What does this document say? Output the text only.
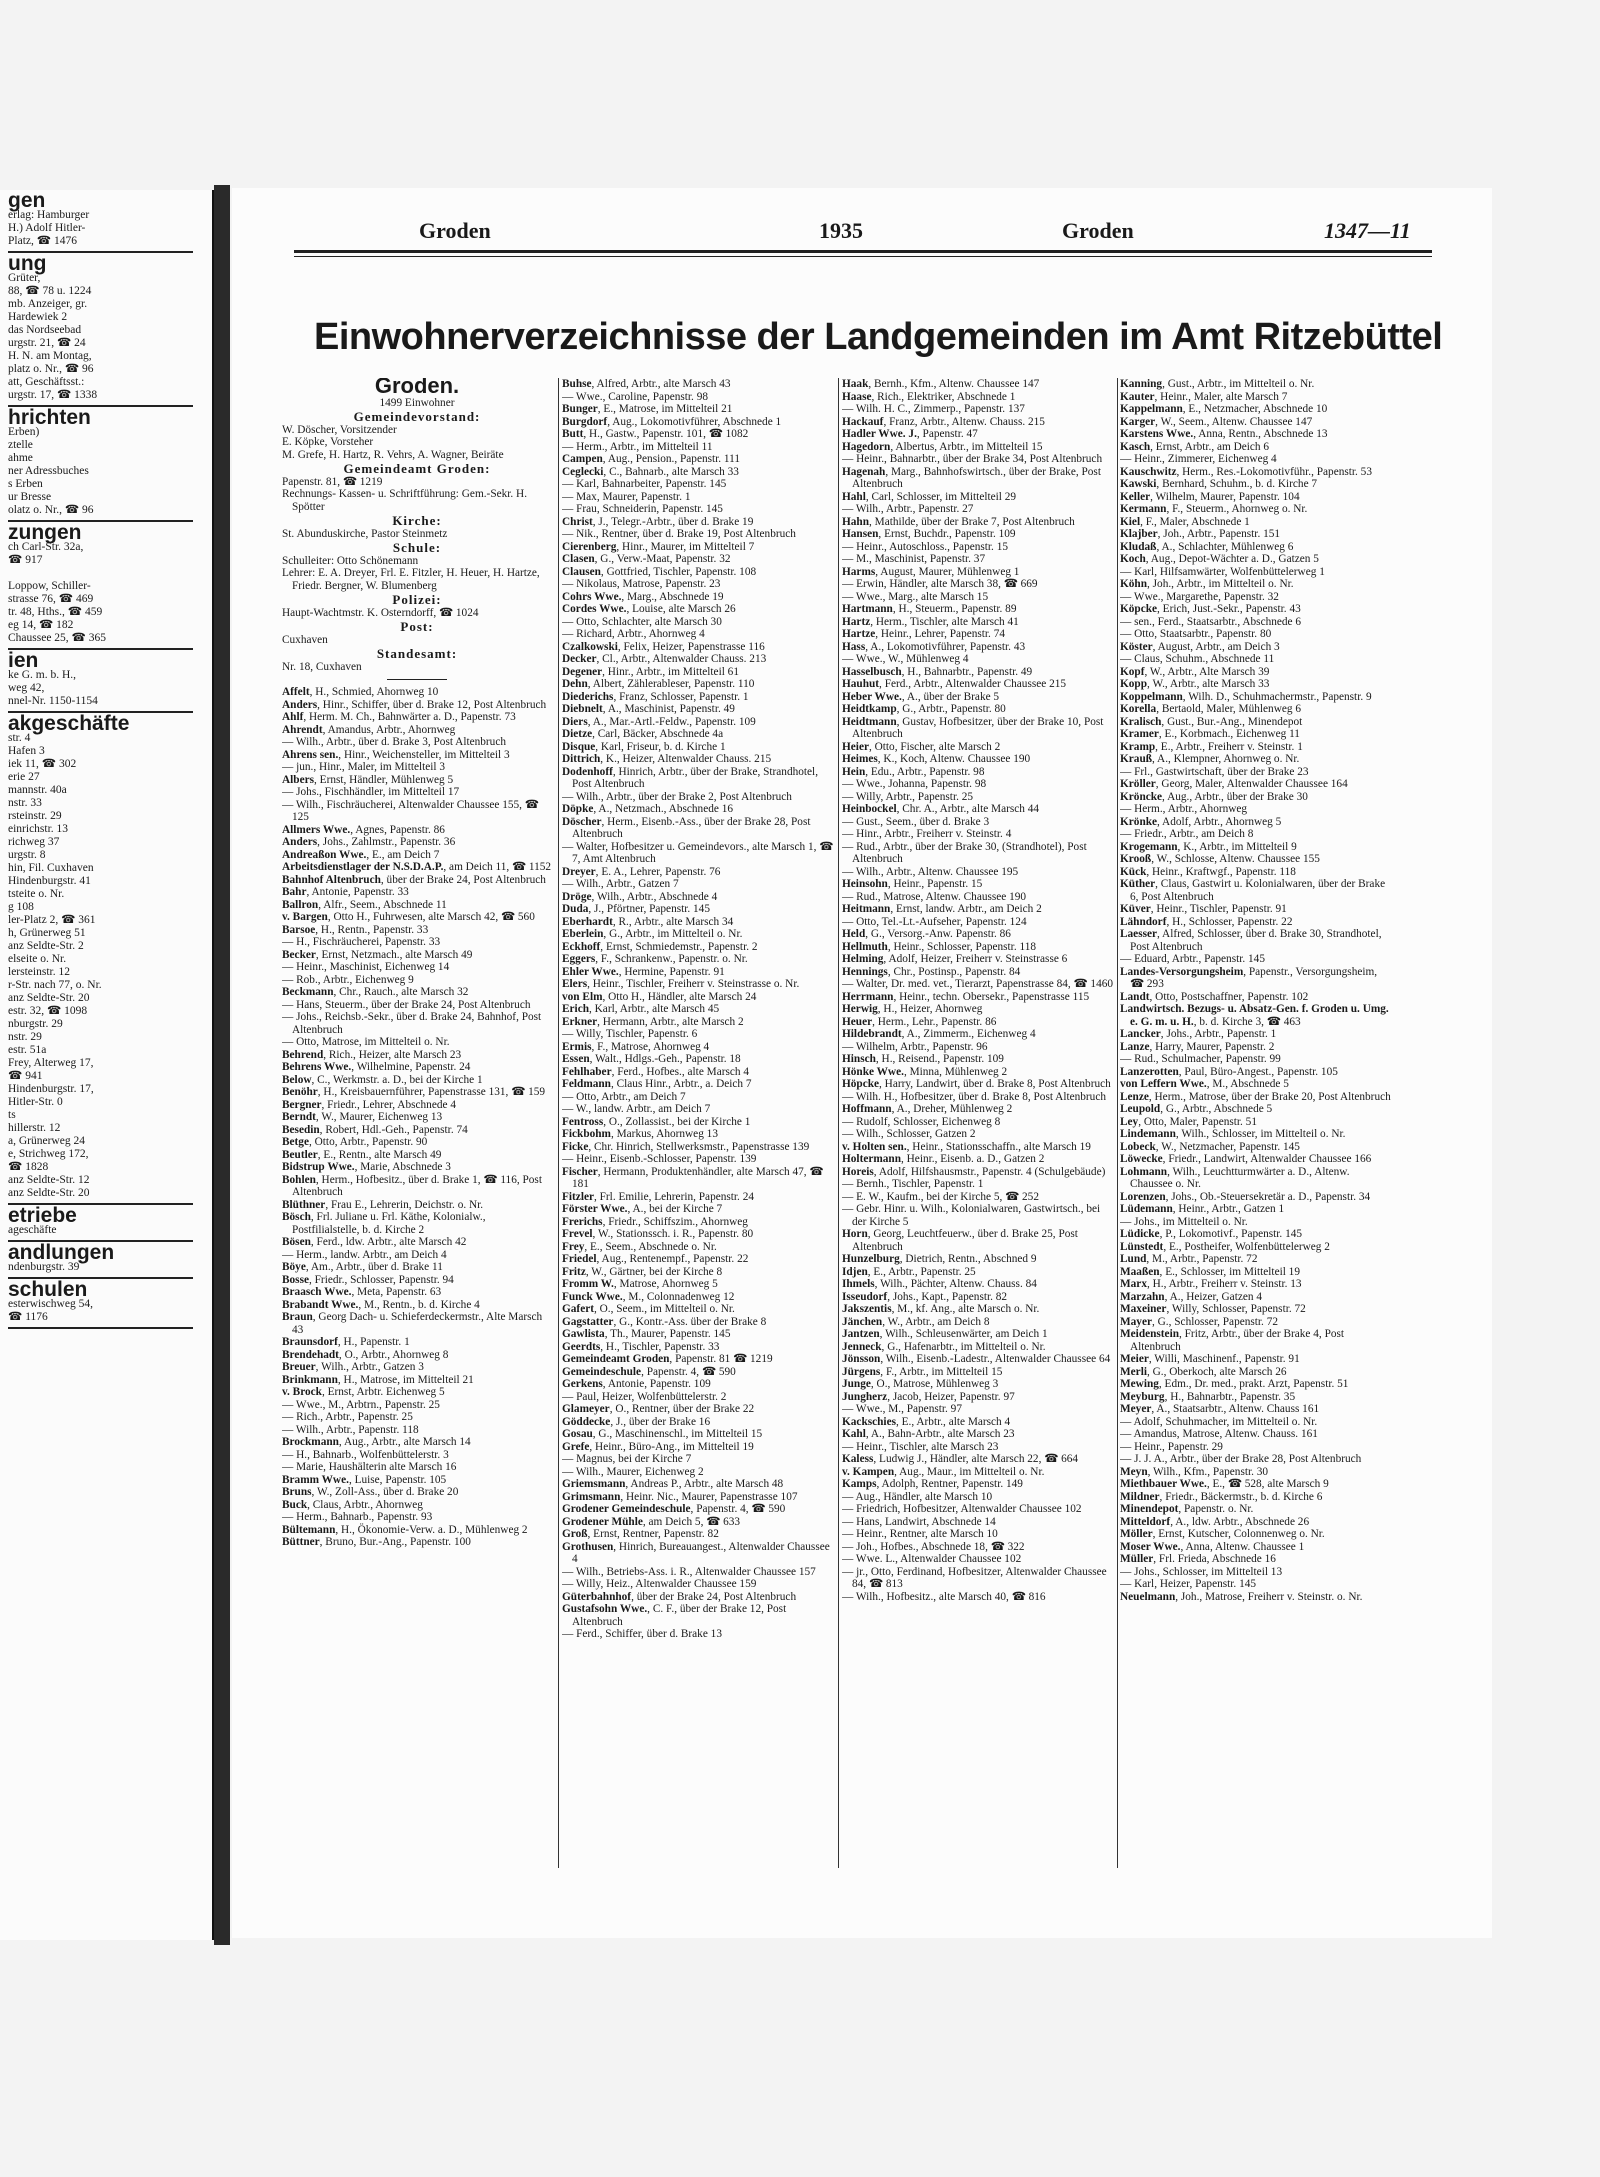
gen
erlag: Hamburger
H.) Adolf Hitler-
Platz, ☎ 1476
ung
Grüter,
88, ☎ 78 u. 1224
mb. Anzeiger, gr.
Hardewiek 2
das Nordseebad
urgstr. 21, ☎ 24
H. N. am Montag,
platz o. Nr., ☎ 96
att, Geschäftsst.:
urgstr. 17, ☎ 1338
hrichten
Erben)
ztelle
ahme
ner Adressbuches
s Erben
ur Bresse
olatz o. Nr., ☎ 96
zungen
ch Carl-Str. 32a,
☎ 917

Loppow, Schiller-
strasse 76, ☎ 469
tr. 48, Hths., ☎ 459
eg 14, ☎ 182
Chaussee 25, ☎ 365
ien
ke G. m. b. H.,
weg 42,
nnel-Nr. 1150-1154
akgeschäfte
str. 4
Hafen 3
iek 11, ☎ 302
erie 27
mannstr. 40a
nstr. 33
rsteinstr. 29
einrichstr. 13
richweg 37
urgstr. 8
hin, Fil. Cuxhaven
Hindenburgstr. 41
tsteite o. Nr.
g 108
ler-Platz 2, ☎ 361
h, Grünerweg 51
anz Seldte-Str. 2
elseite o. Nr.
lersteinstr. 12
r-Str. nach 77, o. Nr.
anz Seldte-Str. 20
estr. 32, ☎ 1098
nburgstr. 29
nstr. 29
estr. 51a
Frey, Alterweg 17,
☎ 941
Hindenburgstr. 17,
Hitler-Str. 0
ts
hillerstr. 12
a, Grünerweg 24
e, Strichweg 172,
☎ 1828
anz Seldte-Str. 12
anz Seldte-Str. 20
etriebe
ageschäfte
andlungen
ndenburgstr. 39
schulen
esterwischweg 54,
☎ 1176
Groden	1935	Groden	1347—11
Einwohnerverzeichnisse der Landgemeinden im Amt Ritzebüttel
Groden.
1499 Einwohner
Gemeindevorstand:
W. Döscher, Vorsitzender
E. Köpke, Vorsteher
M. Grefe, H. Hartz, R. Vehrs, A. Wagner, Beiräte
Gemeindeamt Groden:
Papenstr. 81, ☎ 1219
Rechnungs- Kassen- u. Schriftführung: Gem.-Sekr. H. Spötter
Kirche:
St. Abunduskirche, Pastor Steinmetz
Schule:
Schulleiter: Otto Schönemann
Lehrer: E. A. Dreyer, Frl. E. Fitzler, H. Heuer, H. Hartze, Friedr. Bergner, W. Blumenberg
Polizei:
Haupt-Wachtmstr. K. Osterndorff, ☎ 1024
Post:
Cuxhaven
Standesamt:
Nr. 18, Cuxhaven
Affelt, H., Schmied, Ahornweg 10
Anders, Hinr., Schiffer, über d. Brake 12, Post Altenbruch
Ahlf, Herm. M. Ch., Bahnwärter a. D., Papenstr. 73
Ahrendt, Amandus, Arbtr., Ahornweg
— Wilh., Arbtr., über d. Brake 3, Post Altenbruch
Ahrens sen., Hinr., Weichensteller, im Mittelteil 3
— jun., Hinr., Maler, im Mittelteil 3
Albers, Ernst, Händler, Mühlenweg 5
— Johs., Fischhändler, im Mittelteil 17
— Wilh., Fischräucherei, Altenwalder Chaussee 155, ☎ 125
Allmers Wwe., Agnes, Papenstr. 86
Anders, Johs., Zahlmstr., Papenstr. 36
Andreaßon Wwe., E., am Deich 7
Arbeitsdienstlager der N.S.D.A.P., am Deich 11, ☎ 1152
Bahnhof Altenbruch, über der Brake 24, Post Altenbruch
Bahr, Antonie, Papenstr. 33
Ballron, Alfr., Seem., Abschnede 11
v. Bargen, Otto H., Fuhrwesen, alte Marsch 42, ☎ 560
Barsoe, H., Rentn., Papenstr. 33
— H., Fischräucherei, Papenstr. 33
Becker, Ernst, Netzmach., alte Marsch 49
— Heinr., Maschinist, Eichenweg 14
— Rob., Arbtr., Eichenweg 9
Beckmann, Chr., Rauch., alte Marsch 32
— Hans, Steuerm., über der Brake 24, Post Altenbruch
— Johs., Reichsb.-Sekr., über d. Brake 24, Bahnhof, Post Altenbruch
— Otto, Matrose, im Mittelteil o. Nr.
Behrend, Rich., Heizer, alte Marsch 23
Behrens Wwe., Wilhelmine, Papenstr. 24
Below, C., Werkmstr. a. D., bei der Kirche 1
Benöhr, H., Kreisbauernführer, Papenstrasse 131, ☎ 159
Bergner, Friedr., Lehrer, Abschnede 4
Berndt, W., Maurer, Eichenweg 13
Besedin, Robert, Hdl.-Geh., Papenstr. 74
Betge, Otto, Arbtr., Papenstr. 90
Beutler, E., Rentn., alte Marsch 49
Bidstrup Wwe., Marie, Abschnede 3
Bohlen, Herm., Hofbesitz., über d. Brake 1, ☎ 116, Post Altenbruch
Blüthner, Frau E., Lehrerin, Deichstr. o. Nr.
Bösch, Frl. Juliane u. Frl. Käthe, Kolonialw., Postfilialstelle, b. d. Kirche 2
Bösen, Ferd., ldw. Arbtr., alte Marsch 42
— Herm., landw. Arbtr., am Deich 4
Böye, Am., Arbtr., über d. Brake 11
Bosse, Friedr., Schlosser, Papenstr. 94
Braasch Wwe., Meta, Papenstr. 63
Brabandt Wwe., M., Rentn., b. d. Kirche 4
Braun, Georg Dach- u. Schieferdeckermstr., Alte Marsch 43
Braunsdorf, H., Papenstr. 1
Brendehadt, O., Arbtr., Ahornweg 8
Breuer, Wilh., Arbtr., Gatzen 3
Brinkmann, H., Matrose, im Mittelteil 21
v. Brock, Ernst, Arbtr. Eichenweg 5
— Wwe., M., Arbtrn., Papenstr. 25
— Rich., Arbtr., Papenstr. 25
— Wilh., Arbtr., Papenstr. 118
Brockmann, Aug., Arbtr., alte Marsch 14
— H., Bahnarb., Wolfenbüttelerstr. 3
— Marie, Haushälterin alte Marsch 16
Bramm Wwe., Luise, Papenstr. 105
Bruns, W., Zoll-Ass., über d. Brake 20
Buck, Claus, Arbtr., Ahornweg
— Herm., Bahnarb., Papenstr. 93
Bültemann, H., Ökonomie-Verw. a. D., Mühlenweg 2
Büttner, Bruno, Bur.-Ang., Papenstr. 100
Buhse, Alfred, Arbtr., alte Marsch 43
— Wwe., Caroline, Papenstr. 98
Bunger, E., Matrose, im Mittelteil 21
Burgdorf, Aug., Lokomotivführer, Abschnede 1
Butt, H., Gastw., Papenstr. 101, ☎ 1082
— Herm., Arbtr., im Mittelteil 11
Campen, Aug., Pension., Papenstr. 111
Ceglecki, C., Bahnarb., alte Marsch 33
— Karl, Bahnarbeiter, Papenstr. 145
— Max, Maurer, Papenstr. 1
— Frau, Schneiderin, Papenstr. 145
Christ, J., Telegr.-Arbtr., über d. Brake 19
— Nik., Rentner, über d. Brake 19, Post Altenbruch
Cierenberg, Hinr., Maurer, im Mittelteil 7
Clasen, G., Verw.-Maat, Papenstr. 32
Clausen, Gottfried, Tischler, Papenstr. 108
— Nikolaus, Matrose, Papenstr. 23
Cohrs Wwe., Marg., Abschnede 19
Cordes Wwe., Louise, alte Marsch 26
— Otto, Schlachter, alte Marsch 30
— Richard, Arbtr., Ahornweg 4
Czalkowski, Felix, Heizer, Papenstrasse 116
Decker, Cl., Arbtr., Altenwalder Chauss. 213
Degener, Hinr., Arbtr., im Mittelteil 61
Dehn, Albert, Zählerableser, Papenstr. 110
Diederichs, Franz, Schlosser, Papenstr. 1
Diebnelt, A., Maschinist, Papenstr. 49
Diers, A., Mar.-Artl.-Feldw., Papenstr. 109
Dietze, Carl, Bäcker, Abschnede 4a
Disque, Karl, Friseur, b. d. Kirche 1
Dittrich, K., Heizer, Altenwalder Chauss. 215
Dodenhoff, Hinrich, Arbtr., über der Brake, Strandhotel, Post Altenbruch
— Wilh., Arbtr., über der Brake 2, Post Altenbruch
Döpke, A., Netzmach., Abschnede 16
Döscher, Herm., Eisenb.-Ass., über der Brake 28, Post Altenbruch
— Walter, Hofbesitzer u. Gemeindevors., alte Marsch 1, ☎ 7, Amt Altenbruch
Dreyer, E. A., Lehrer, Papenstr. 76
— Wilh., Arbtr., Gatzen 7
Dröge, Wilh., Arbtr., Abschnede 4
Duda, J., Pförtner, Papenstr. 145
Eberhardt, R., Arbtr., alte Marsch 34
Eberlein, G., Arbtr., im Mittelteil o. Nr.
Eckhoff, Ernst, Schmiedemstr., Papenstr. 2
Eggers, F., Schrankenw., Papenstr. o. Nr.
Ehler Wwe., Hermine, Papenstr. 91
Elers, Heinr., Tischler, Freiherr v. Steinstrasse o. Nr.
von Elm, Otto H., Händler, alte Marsch 24
Erich, Karl, Arbtr., alte Marsch 45
Erkner, Hermann, Arbtr., alte Marsch 2
— Willy, Tischler, Papenstr. 6
Ermis, F., Matrose, Ahornweg 4
Essen, Walt., Hdlgs.-Geh., Papenstr. 18
Fehlhaber, Ferd., Hofbes., alte Marsch 4
Feldmann, Claus Hinr., Arbtr., a. Deich 7
— Otto, Arbtr., am Deich 7
— W., landw. Arbtr., am Deich 7
Fentross, O., Zollassist., bei der Kirche 1
Fickbohm, Markus, Ahornweg 13
Ficke, Chr. Hinrich, Stellwerksmstr., Papenstrasse 139
— Heinr., Eisenb.-Schlosser, Papenstr. 139
Fischer, Hermann, Produktenhändler, alte Marsch 47, ☎ 181
Fitzler, Frl. Emilie, Lehrerin, Papenstr. 24
Förster Wwe., A., bei der Kirche 7
Frerichs, Friedr., Schiffszim., Ahornweg
Frevel, W., Stationssch. i. R., Papenstr. 80
Frey, E., Seem., Abschnede o. Nr.
Friedel, Aug., Rentenempf., Papenstr. 22
Fritz, W., Gärtner, bei der Kirche 8
Fromm W., Matrose, Ahornweg 5
Funck Wwe., M., Colonnadenweg 12
Gafert, O., Seem., im Mittelteil o. Nr.
Gagstatter, G., Kontr.-Ass. über der Brake 8
Gawlista, Th., Maurer, Papenstr. 145
Geerdts, H., Tischler, Papenstr. 33
Gemeindeamt Groden, Papenstr. 81 ☎ 1219
Gemeindeschule, Papenstr. 4, ☎ 590
Gerkens, Antonie, Papenstr. 109
— Paul, Heizer, Wolfenbüttelerstr. 2
Glameyer, O., Rentner, über der Brake 22
Göddecke, J., über der Brake 16
Gosau, G., Maschinenschl., im Mittelteil 15
Grefe, Heinr., Büro-Ang., im Mittelteil 19
— Magnus, bei der Kirche 7
— Wilh., Maurer, Eichenweg 2
Griemsmann, Andreas P., Arbtr., alte Marsch 48
Grimsmann, Heinr. Nic., Maurer, Papenstrasse 107
Grodener Gemeindeschule, Papenstr. 4, ☎ 590
Grodener Mühle, am Deich 5, ☎ 633
Groß, Ernst, Rentner, Papenstr. 82
Grothusen, Hinrich, Bureauangest., Altenwalder Chaussee 4
— Wilh., Betriebs-Ass. i. R., Altenwalder Chaussee 157
— Willy, Heiz., Altenwalder Chaussee 159
Güterbahnhof, über der Brake 24, Post Altenbruch
Gustafsohn Wwe., C. F., über der Brake 12, Post Altenbruch
— Ferd., Schiffer, über d. Brake 13
Haak, Bernh., Kfm., Altenw. Chaussee 147
Haase, Rich., Elektriker, Abschnede 1
— Wilh. H. C., Zimmerp., Papenstr. 137
Hackauf, Franz, Arbtr., Altenw. Chauss. 215
Hadler Wwe. J., Papenstr. 47
Hagedorn, Albertus, Arbtr., im Mittelteil 15
— Heinr., Bahnarbtr., über der Brake 34, Post Altenbruch
Hagenah, Marg., Bahnhofswirtsch., über der Brake, Post Altenbruch
Hahl, Carl, Schlosser, im Mittelteil 29
— Wilh., Arbtr., Papenstr. 27
Hahn, Mathilde, über der Brake 7, Post Altenbruch
Hansen, Ernst, Buchdr., Papenstr. 109
— Heinr., Autoschloss., Papenstr. 15
— M., Maschinist, Papenstr. 37
Harms, August, Maurer, Mühlenweg 1
— Erwin, Händler, alte Marsch 38, ☎ 669
— Wwe., Marg., alte Marsch 15
Hartmann, H., Steuerm., Papenstr. 89
Hartz, Herm., Tischler, alte Marsch 41
Hartze, Heinr., Lehrer, Papenstr. 74
Hass, A., Lokomotivführer, Papenstr. 43
— Wwe., W., Mühlenweg 4
Hasselbusch, H., Bahnarbtr., Papenstr. 49
Hauhut, Ferd., Arbtr., Altenwalder Chaussee 215
Heber Wwe., A., über der Brake 5
Heidtkamp, G., Arbtr., Papenstr. 80
Heidtmann, Gustav, Hofbesitzer, über der Brake 10, Post Altenbruch
Heier, Otto, Fischer, alte Marsch 2
Heimes, K., Koch, Altenw. Chaussee 190
Hein, Edu., Arbtr., Papenstr. 98
— Wwe., Johanna, Papenstr. 98
— Willy, Arbtr., Papenstr. 25
Heinbockel, Chr. A., Arbtr., alte Marsch 44
— Gust., Seem., über d. Brake 3
— Hinr., Arbtr., Freiherr v. Steinstr. 4
— Rud., Arbtr., über der Brake 30, (Strandhotel), Post Altenbruch
— Wilh., Arbtr., Altenw. Chaussee 195
Heinsohn, Heinr., Papenstr. 15
— Rud., Matrose, Altenw. Chaussee 190
Heitmann, Ernst, landw. Arbtr., am Deich 2
— Otto, Tel.-Lt.-Aufseher, Papenstr. 124
Held, G., Versorg.-Anw. Papenstr. 86
Hellmuth, Heinr., Schlosser, Papenstr. 118
Helming, Adolf, Heizer, Freiherr v. Steinstrasse 6
Hennings, Chr., Postinsp., Papenstr. 84
— Walter, Dr. med. vet., Tierarzt, Papenstrasse 84, ☎ 1460
Herrmann, Heinr., techn. Obersekr., Papenstrasse 115
Herwig, H., Heizer, Ahornweg
Heuer, Herm., Lehr., Papenstr. 86
Hildebrandt, A., Zimmerm., Eichenweg 4
— Wilhelm, Arbtr., Papenstr. 96
Hinsch, H., Reisend., Papenstr. 109
Hönke Wwe., Minna, Mühlenweg 2
Höpcke, Harry, Landwirt, über d. Brake 8, Post Altenbruch
— Wilh. H., Hofbesitzer, über d. Brake 8, Post Altenbruch
Hoffmann, A., Dreher, Mühlenweg 2
— Rudolf, Schlosser, Eichenweg 8
— Wilh., Schlosser, Gatzen 2
v. Holten sen., Heinr., Stationsschaffn., alte Marsch 19
Holtermann, Heinr., Eisenb. a. D., Gatzen 2
Horeis, Adolf, Hilfshausmstr., Papenstr. 4 (Schulgebäude)
— Bernh., Tischler, Papenstr. 1
— E. W., Kaufm., bei der Kirche 5, ☎ 252
— Gebr. Hinr. u. Wilh., Kolonialwaren, Gastwirtsch., bei der Kirche 5
Horn, Georg, Leuchtfeuerw., über d. Brake 25, Post Altenbruch
Hunzelburg, Dietrich, Rentn., Abschned 9
Idjen, E., Arbtr., Papenstr. 25
Ihmels, Wilh., Pächter, Altenw. Chauss. 84
Isseudorf, Johs., Kapt., Papenstr. 82
Jakszentis, M., kf. Ang., alte Marsch o. Nr.
Jänchen, W., Arbtr., am Deich 8
Jantzen, Wilh., Schleusenwärter, am Deich 1
Jenneck, G., Hafenarbtr., im Mittelteil o. Nr.
Jönsson, Wilh., Eisenb.-Ladestr., Altenwalder Chaussee 64
Jürgens, F., Arbtr., im Mittelteil 15
Junge, O., Matrose, Mühlenweg 3
Jungherz, Jacob, Heizer, Papenstr. 97
— Wwe., M., Papenstr. 97
Kackschies, E., Arbtr., alte Marsch 4
Kahl, A., Bahn-Arbtr., alte Marsch 23
— Heinr., Tischler, alte Marsch 23
Kaless, Ludwig J., Händler, alte Marsch 22, ☎ 664
v. Kampen, Aug., Maur., im Mittelteil o. Nr.
Kamps, Adolph, Rentner, Papenstr. 149
— Aug., Händler, alte Marsch 10
— Friedrich, Hofbesitzer, Altenwalder Chaussee 102
— Hans, Landwirt, Abschnede 14
— Heinr., Rentner, alte Marsch 10
— Joh., Hofbes., Abschnede 18, ☎ 322
— Wwe. L., Altenwalder Chaussee 102
— jr., Otto, Ferdinand, Hofbesitzer, Altenwalder Chaussee 84, ☎ 813
— Wilh., Hofbesitz., alte Marsch 40, ☎ 816
Kanning, Gust., Arbtr., im Mittelteil o. Nr.
Kauter, Heinr., Maler, alte Marsch 7
Kappelmann, E., Netzmacher, Abschnede 10
Karger, W., Seem., Altenw. Chaussee 147
Karstens Wwe., Anna, Rentn., Abschnede 13
Kasch, Ernst, Arbtr., am Deich 6
— Heinr., Zimmerer, Eichenweg 4
Kauschwitz, Herm., Res.-Lokomotivführ., Papenstr. 53
Kawski, Bernhard, Schuhm., b. d. Kirche 7
Keller, Wilhelm, Maurer, Papenstr. 104
Kermann, F., Steuerm., Ahornweg o. Nr.
Kiel, F., Maler, Abschnede 1
Klajber, Joh., Arbtr., Papenstr. 151
Kludaß, A., Schlachter, Mühlenweg 6
Koch, Aug., Depot-Wächter a. D., Gatzen 5
— Karl, Hilfsamwärter, Wolfenbüttelerweg 1
Köhn, Joh., Arbtr., im Mittelteil o. Nr.
— Wwe., Margarethe, Papenstr. 32
Köpcke, Erich, Just.-Sekr., Papenstr. 43
— sen., Ferd., Staatsarbtr., Abschnede 6
— Otto, Staatsarbtr., Papenstr. 80
Köster, August, Arbtr., am Deich 3
— Claus, Schuhm., Abschnede 11
Kopf, W., Arbtr., Alte Marsch 39
Kopp, W., Arbtr., alte Marsch 33
Koppelmann, Wilh. D., Schuhmachermstr., Papenstr. 9
Korella, Bertaold, Maler, Mühlenweg 6
Kralisch, Gust., Bur.-Ang., Minendepot
Kramer, E., Korbmach., Eichenweg 11
Kramp, E., Arbtr., Freiherr v. Steinstr. 1
Krauß, A., Klempner, Ahornweg o. Nr.
— Frl., Gastwirtschaft, über der Brake 23
Kröller, Georg, Maler, Altenwalder Chaussee 164
Kröncke, Aug., Arbtr., über der Brake 30
— Herm., Arbtr., Ahornweg
Krönke, Adolf, Arbtr., Ahornweg 5
— Friedr., Arbtr., am Deich 8
Krogemann, K., Arbtr., im Mittelteil 9
Krooß, W., Schlosse, Altenw. Chaussee 155
Kück, Heinr., Kraftwgf., Papenstr. 118
Küther, Claus, Gastwirt u. Kolonialwaren, über der Brake 6, Post Altenbruch
Küver, Heinr., Tischler, Papenstr. 91
Lähndorf, H., Schlosser, Papenstr. 22
Laesser, Alfred, Schlosser, über d. Brake 30, Strandhotel, Post Altenbruch
— Eduard, Arbtr., Papenstr. 145
Landes-Versorgungsheim, Papenstr., Versorgungsheim, ☎ 293
Landt, Otto, Postschaffner, Papenstr. 102
Landwirtsch. Bezugs- u. Absatz-Gen. f. Groden u. Umg. e. G. m. u. H., b. d. Kirche 3, ☎ 463
Lancker, Johs., Arbtr., Papenstr. 1
Lanze, Harry, Maurer, Papenstr. 2
— Rud., Schulmacher, Papenstr. 99
Lanzerotten, Paul, Büro-Angest., Papenstr. 105
von Leffern Wwe., M., Abschnede 5
Lenze, Herm., Matrose, über der Brake 20, Post Altenbruch
Leupold, G., Arbtr., Abschnede 5
Ley, Otto, Maler, Papenstr. 51
Lindemann, Wilh., Schlosser, im Mittelteil o. Nr.
Lobeck, W., Netzmacher, Papenstr. 145
Löwecke, Friedr., Landwirt, Altenwalder Chaussee 166
Lohmann, Wilh., Leuchtturmwärter a. D., Altenw. Chaussee o. Nr.
Lorenzen, Johs., Ob.-Steuersekretär a. D., Papenstr. 34
Lüdemann, Heinr., Arbtr., Gatzen 1
— Johs., im Mittelteil o. Nr.
Lüdicke, P., Lokomotivf., Papenstr. 145
Lünstedt, E., Postheifer, Wolfenbüttelerweg 2
Lund, M., Arbtr., Papenstr. 72
Maaßen, E., Schlosser, im Mittelteil 19
Marx, H., Arbtr., Freiherr v. Steinstr. 13
Marzahn, A., Heizer, Gatzen 4
Maxeiner, Willy, Schlosser, Papenstr. 72
Mayer, G., Schlosser, Papenstr. 72
Meidenstein, Fritz, Arbtr., über der Brake 4, Post Altenbruch
Meier, Willi, Maschinenf., Papenstr. 91
Merli, G., Oberkoch, alte Marsch 26
Mewing, Edm., Dr. med., prakt. Arzt, Papenstr. 51
Meyburg, H., Bahnarbtr., Papenstr. 35
Meyer, A., Staatsarbtr., Altenw. Chauss 161
— Adolf, Schuhmacher, im Mittelteil o. Nr.
— Amandus, Matrose, Altenw. Chauss. 161
— Heinr., Papenstr. 29
— J. J. A., Arbtr., über der Brake 28, Post Altenbruch
Meyn, Wilh., Kfm., Papenstr. 30
Miethbauer Wwe., E., ☎ 528, alte Marsch 9
Mildner, Friedr., Bäckermstr., b. d. Kirche 6
Minendepot, Papenstr. o. Nr.
Mitteldorf, A., ldw. Arbtr., Abschnede 26
Möller, Ernst, Kutscher, Colonnenweg o. Nr.
Moser Wwe., Anna, Altenw. Chaussee 1
Müller, Frl. Frieda, Abschnede 16
— Johs., Schlosser, im Mittelteil 13
— Karl, Heizer, Papenstr. 145
Neuelmann, Joh., Matrose, Freiherr v. Steinstr. o. Nr.
